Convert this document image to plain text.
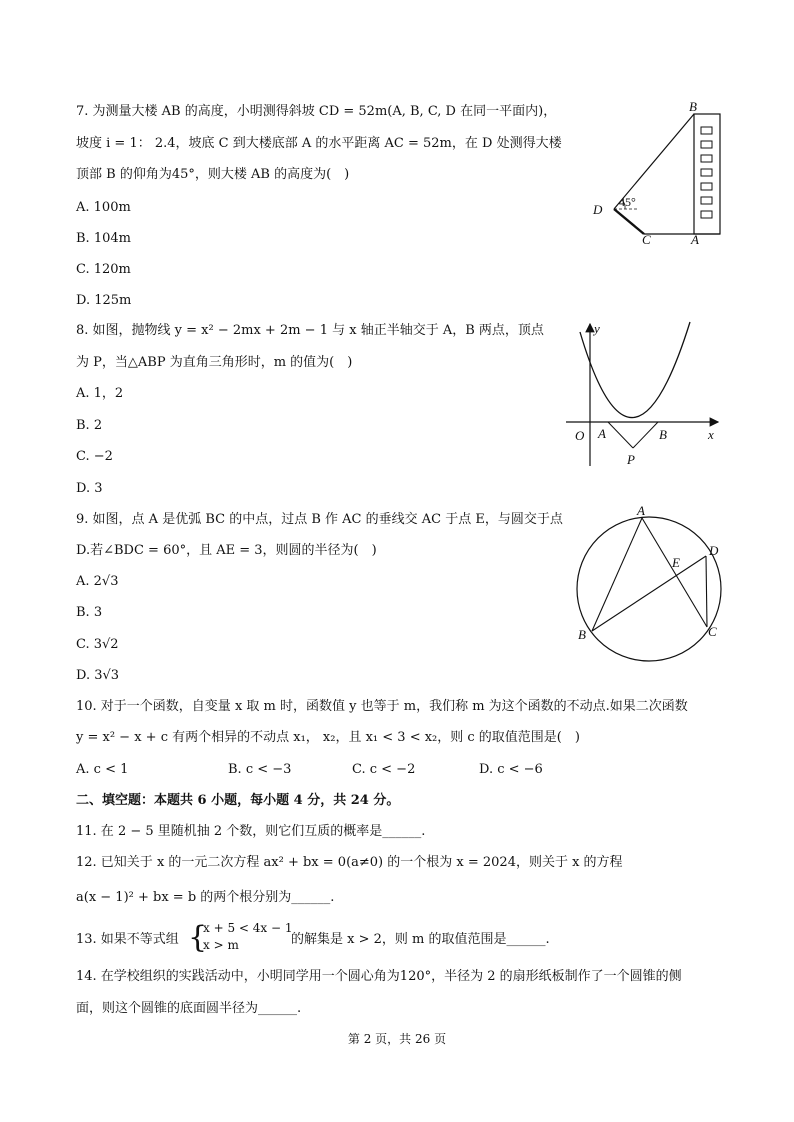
7. 为测量大楼 AB 的高度，小明测得斜坡 CD = 52m(A, B, C, D 在同一平面内)，
坡度 i = 1： 2.4，坡底 C 到大楼底部 A 的水平距离 AC = 52m，在 D 处测得大楼
顶部 B 的仰角为45°，则大楼 AB 的高度为(　)
A. 100m
B. 104m
C. 120m
D. 125m
B
D
C	A
45°
8. 如图，抛物线 y = x² − 2mx + 2m − 1 与 x 轴正半轴交于 A，B 两点，顶点
为 P，当△ABP 为直角三角形时，m 的值为(　)
A. 1，2
B. 2
C. −2
D. 3
y
x
O A	B
P
9. 如图，点 A 是优弧 BC 的中点，过点 B 作 AC 的垂线交 AC 于点 E，与圆交于点
D.若∠BDC = 60°，且 AE = 3，则圆的半径为(　)
A. 2√3
B. 3
C. 3√2
D. 3√3
A
B	C
D
E
10. 对于一个函数，自变量 x 取 m 时，函数值 y 也等于 m，我们称 m 为这个函数的不动点.如果二次函数
y = x² − x + c 有两个相异的不动点 x₁， x₂，且 x₁ < 3 < x₂，则 c 的取值范围是(　)
A. c < 1	B. c < −3	C. c < −2	D. c < −6
二、填空题：本题共 6 小题，每小题 4 分，共 24 分。
11. 在 2 − 5 里随机抽 2 个数，则它们互质的概率是______.
12. 已知关于 x 的一元二次方程 ax² + bx = 0(a≠0) 的一个根为 x = 2024，则关于 x 的方程
a(x − 1)² + bx = b 的两个根分别为______.
13. 如果不等式组 {
x + 5 < 4x − 1
x > m	的解集是 x > 2，则 m 的取值范围是______.
14. 在学校组织的实践活动中，小明同学用一个圆心角为120°，半径为 2 的扇形纸板制作了一个圆锥的侧
面，则这个圆锥的底面圆半径为______.
第 2 页，共 26 页
